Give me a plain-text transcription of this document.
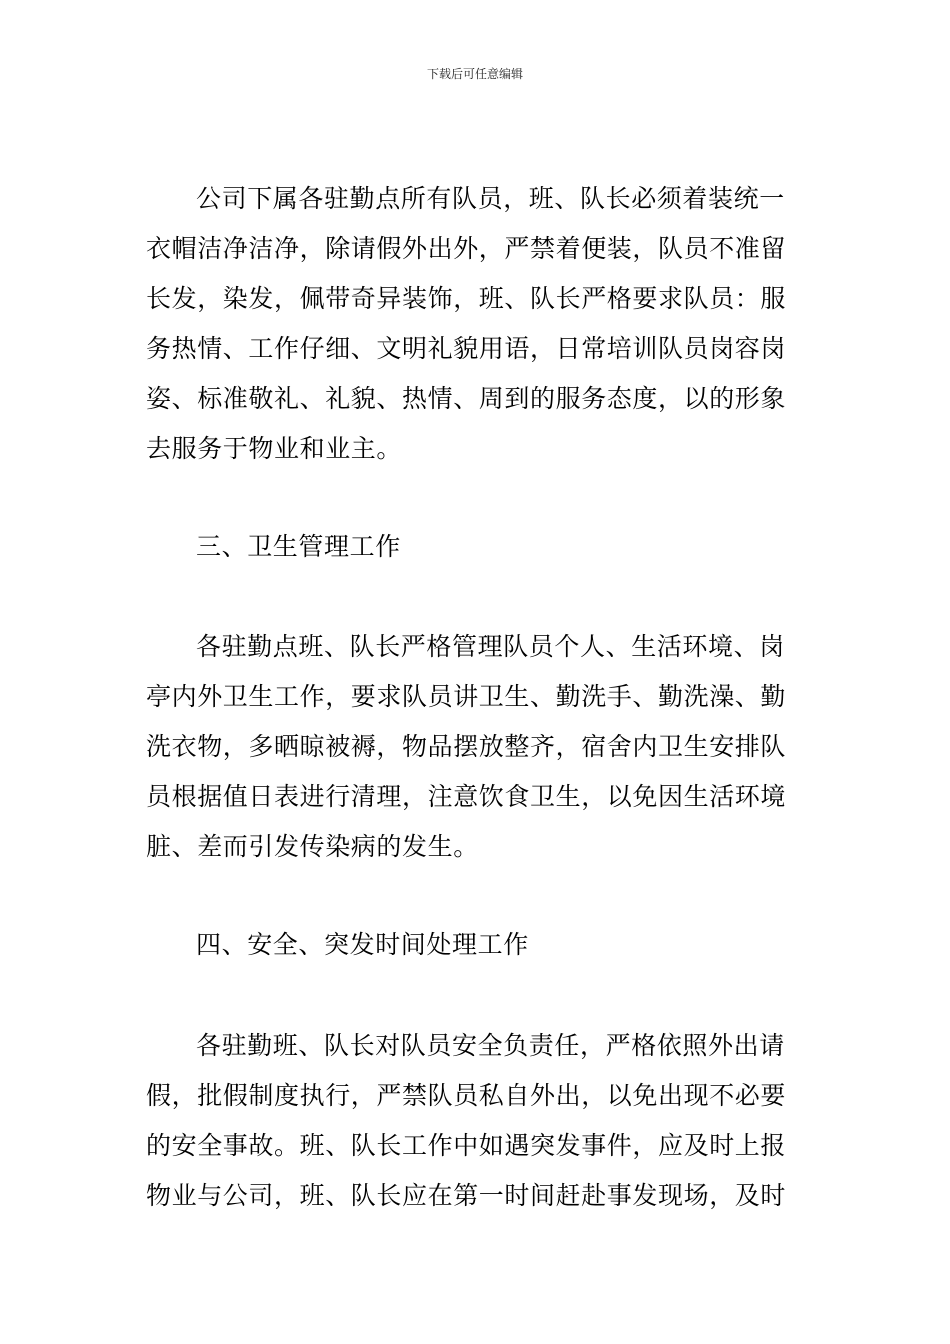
下载后可任意编辑
公司下属各驻勤点所有队员，班、队长必须着装统一
衣帽洁净洁净，除请假外出外，严禁着便装，队员不准留
长发，染发，佩带奇异装饰，班、队长严格要求队员：服
务热情、工作仔细、文明礼貌用语，日常培训队员岗容岗
姿、标准敬礼、礼貌、热情、周到的服务态度，以的形象
去服务于物业和业主。
三、卫生管理工作
各驻勤点班、队长严格管理队员个人、生活环境、岗
亭内外卫生工作，要求队员讲卫生、勤洗手、勤洗澡、勤
洗衣物，多晒晾被褥，物品摆放整齐，宿舍内卫生安排队
员根据值日表进行清理，注意饮食卫生，以免因生活环境
脏、差而引发传染病的发生。
四、安全、突发时间处理工作
各驻勤班、队长对队员安全负责任，严格依照外出请
假，批假制度执行，严禁队员私自外出，以免出现不必要
的安全事故。班、队长工作中如遇突发事件，应及时上报
物业与公司，班、队长应在第一时间赶赴事发现场，及时
